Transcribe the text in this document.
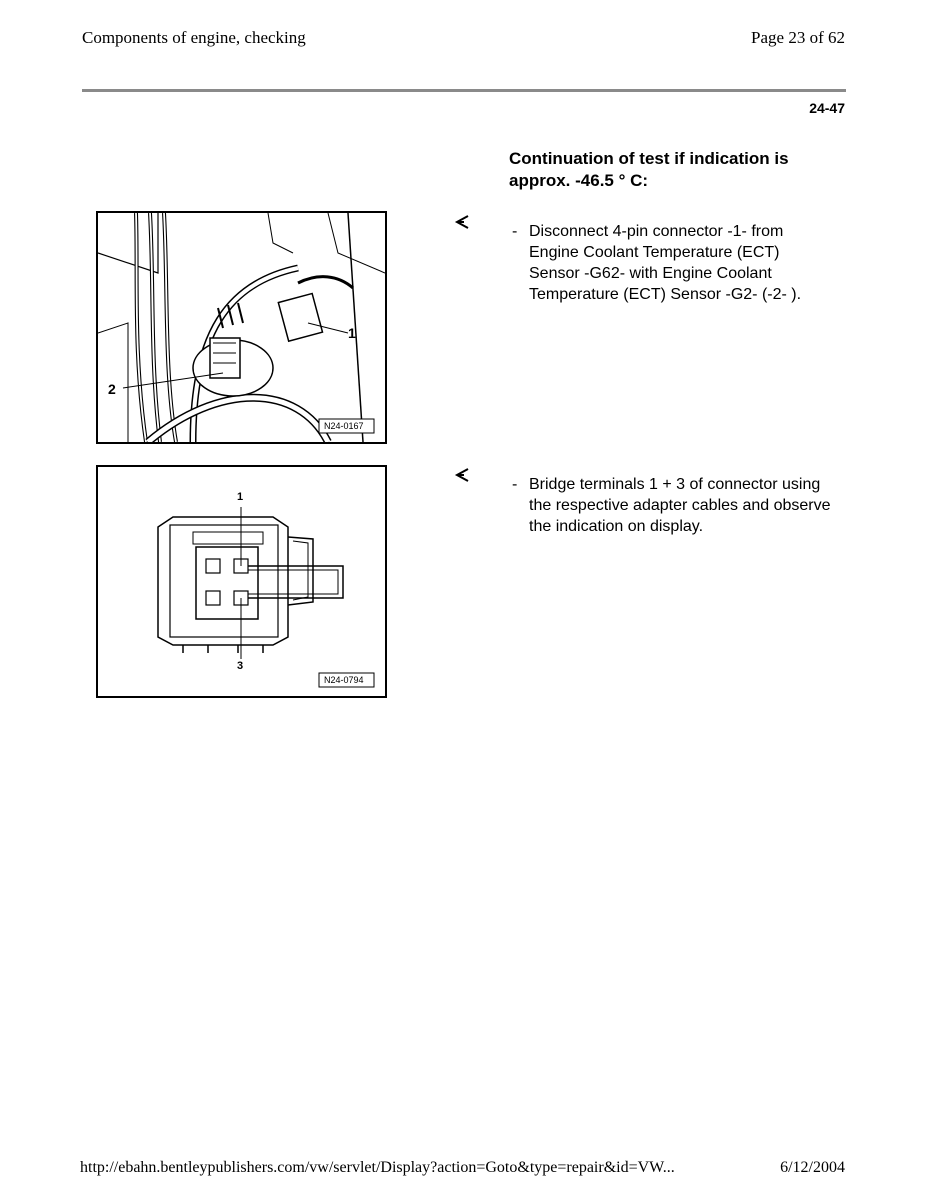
Components of engine, checking	Page 23 of 62
24-47
Continuation of test if indication is approx. -46.5 ° C:
N24-0167
1
2
- Disconnect 4-pin connector -1- from Engine Coolant Temperature (ECT) Sensor -G62- with Engine Coolant Temperature (ECT) Sensor -G2- (-2- ).
N24-0794
1
3
- Bridge terminals 1 + 3 of connector using the respective adapter cables and observe the indication on display.
http://ebahn.bentleypublishers.com/vw/servlet/Display?action=Goto&type=repair&id=VW...	6/12/2004
